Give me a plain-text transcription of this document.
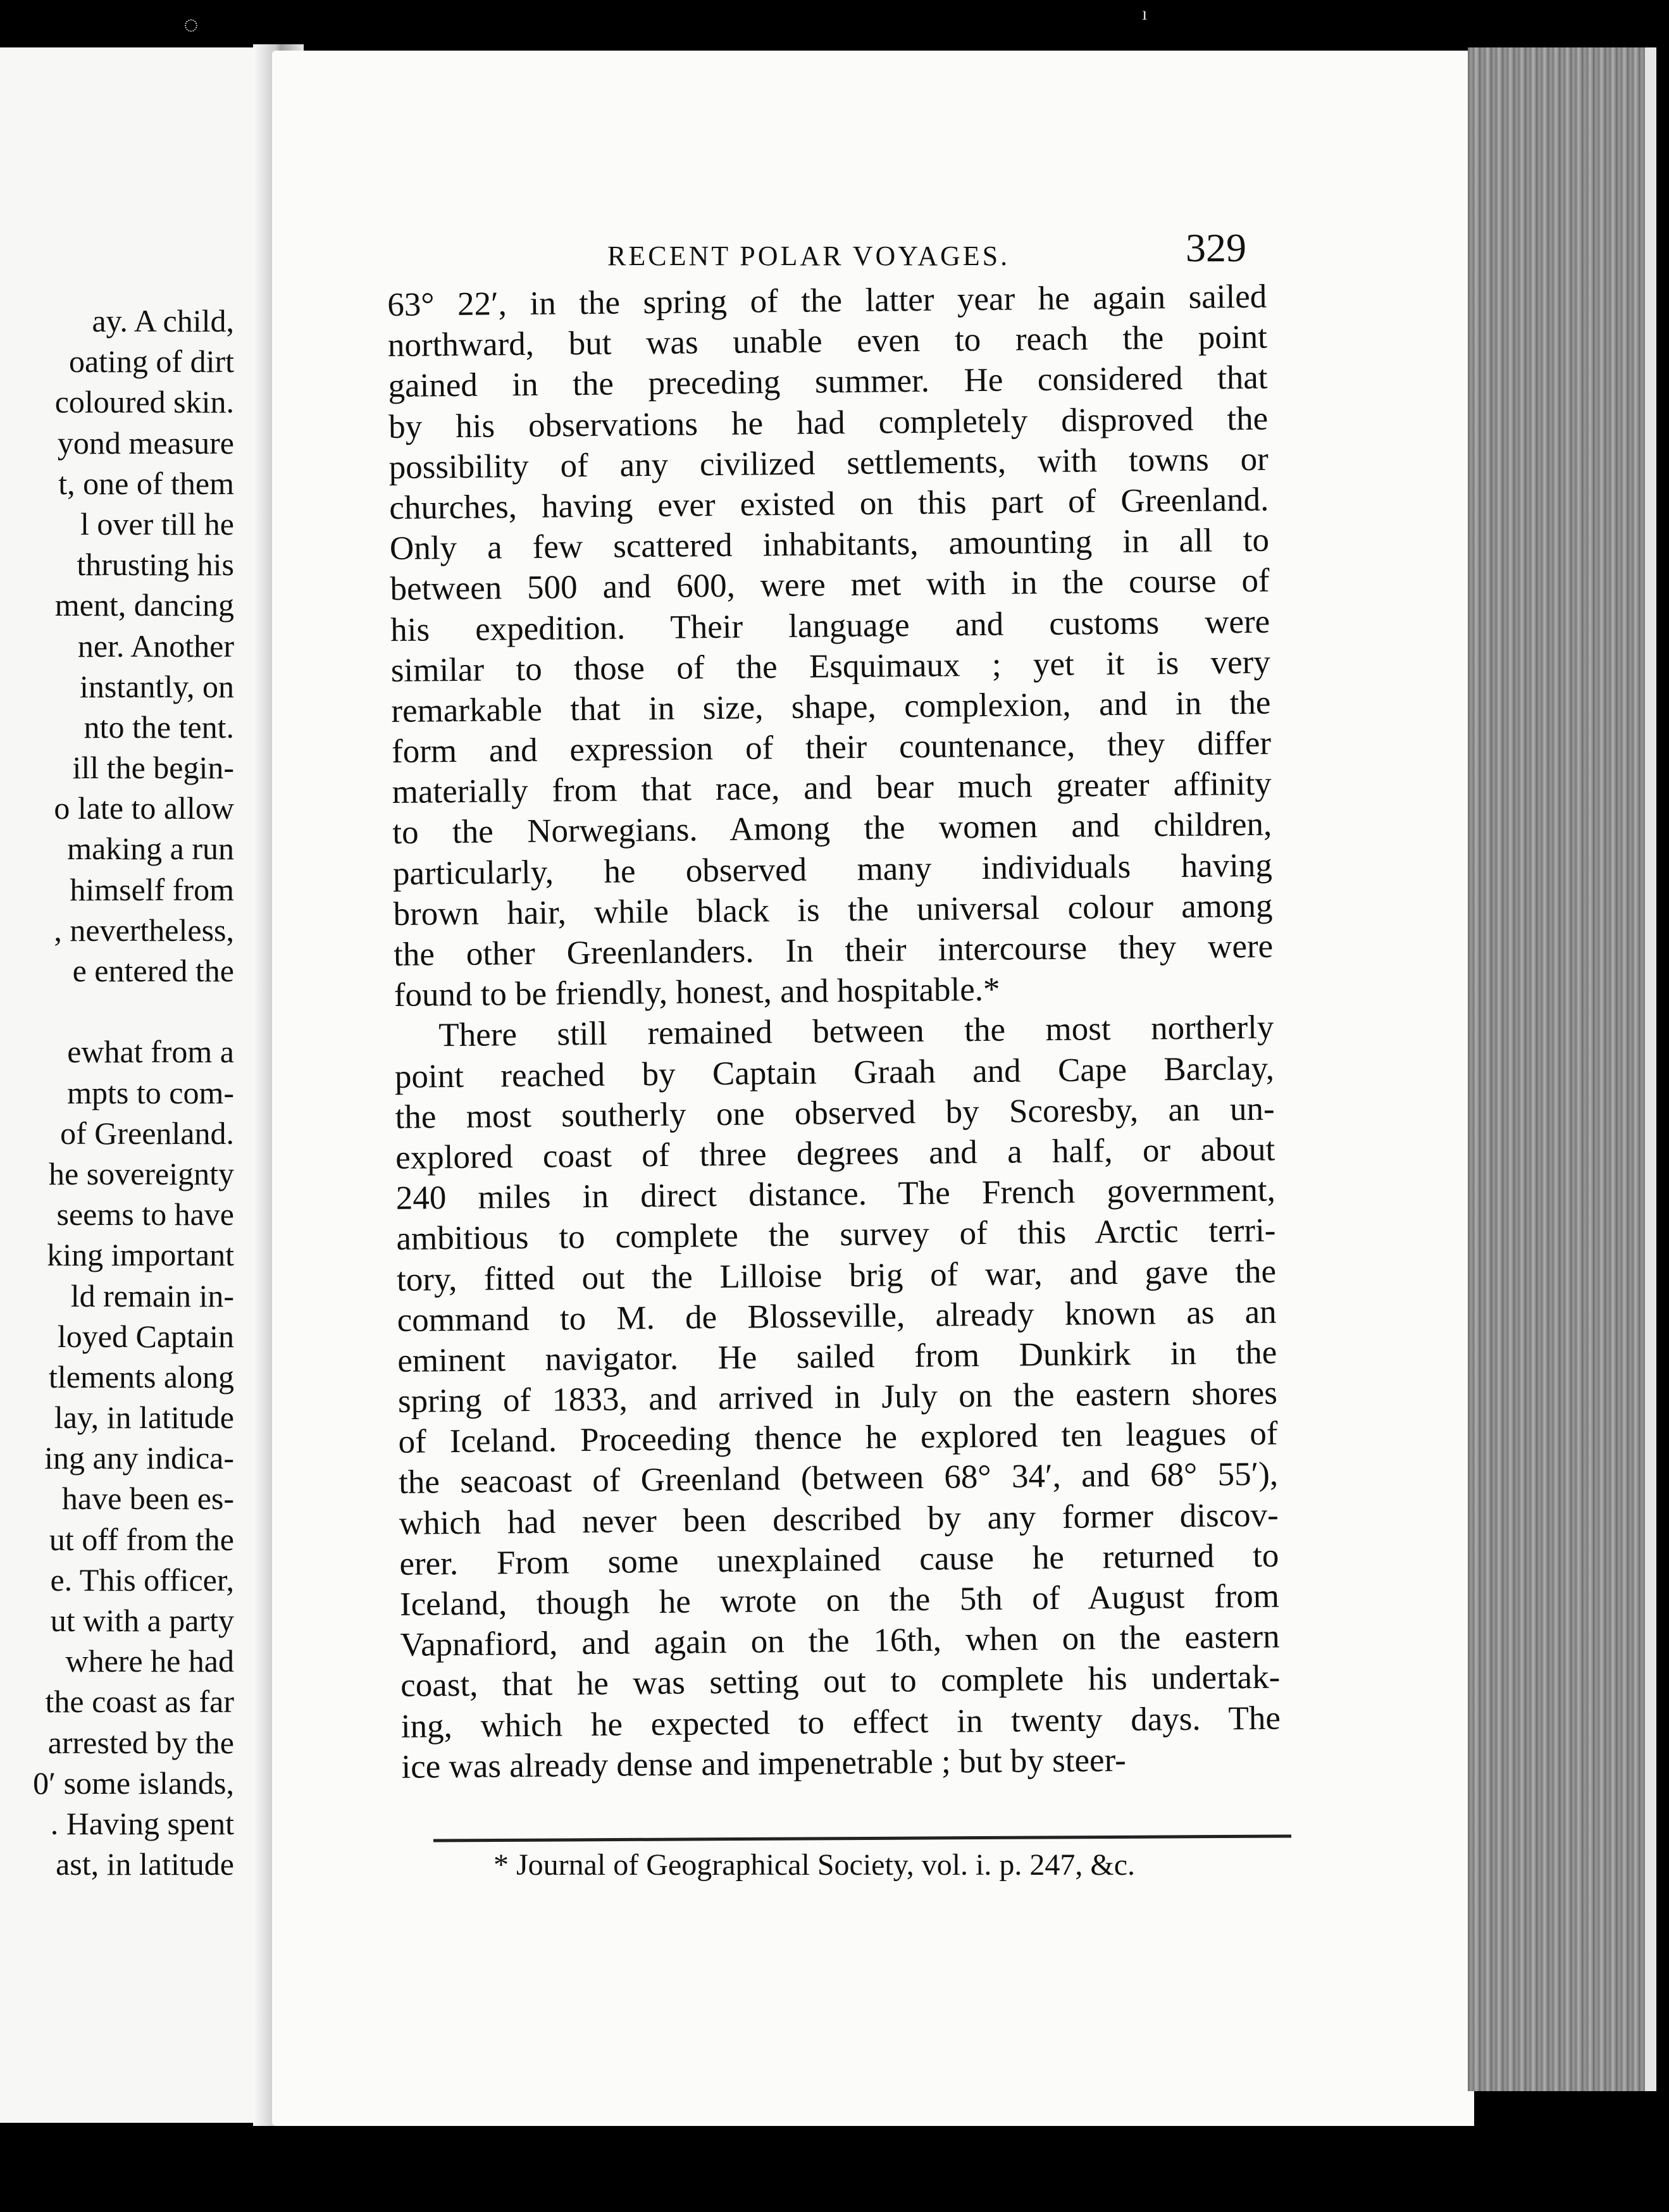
◌	ı
ay. A child,
oating of dirt
coloured skin.
yond measure
t, one of them
l over till he
thrusting his
ment, dancing
ner. Another
instantly, on
nto the tent.
ill the begin-
o late to allow
making a run
himself from
, nevertheless,
e entered the
ewhat from a
mpts to com-
of Greenland.
he sovereignty
seems to have
king important
ld remain in-
loyed Captain
tlements along
lay, in latitude
ing any indica-
have been es-
ut off from the
e. This officer,
ut with a party
where he had
the coast as far
arrested by the
0′ some islands,
. Having spent
ast, in latitude
RECENT POLAR VOYAGES.	329
63° 22′, in the spring of the latter year he again sailed
northward, but was unable even to reach the point
gained in the preceding summer. He considered that
by his observations he had completely disproved the
possibility of any civilized settlements, with towns or
churches, having ever existed on this part of Greenland.
Only a few scattered inhabitants, amounting in all to
between 500 and 600, were met with in the course of
his expedition. Their language and customs were
similar to those of the Esquimaux ; yet it is very
remarkable that in size, shape, complexion, and in the
form and expression of their countenance, they differ
materially from that race, and bear much greater affinity
to the Norwegians. Among the women and children,
particularly, he observed many individuals having
brown hair, while black is the universal colour among
the other Greenlanders. In their intercourse they were
found to be friendly, honest, and hospitable.*
There still remained between the most northerly
point reached by Captain Graah and Cape Barclay,
the most southerly one observed by Scoresby, an un-
explored coast of three degrees and a half, or about
240 miles in direct distance. The French government,
ambitious to complete the survey of this Arctic terri-
tory, fitted out the Lilloise brig of war, and gave the
command to M. de Blosseville, already known as an
eminent navigator. He sailed from Dunkirk in the
spring of 1833, and arrived in July on the eastern shores
of Iceland. Proceeding thence he explored ten leagues of
the seacoast of Greenland (between 68° 34′, and 68° 55′),
which had never been described by any former discov-
erer. From some unexplained cause he returned to
Iceland, though he wrote on the 5th of August from
Vapnafiord, and again on the 16th, when on the eastern
coast, that he was setting out to complete his undertak-
ing, which he expected to effect in twenty days. The
ice was already dense and impenetrable ; but by steer-
* Journal of Geographical Society, vol. i. p. 247, &c.
